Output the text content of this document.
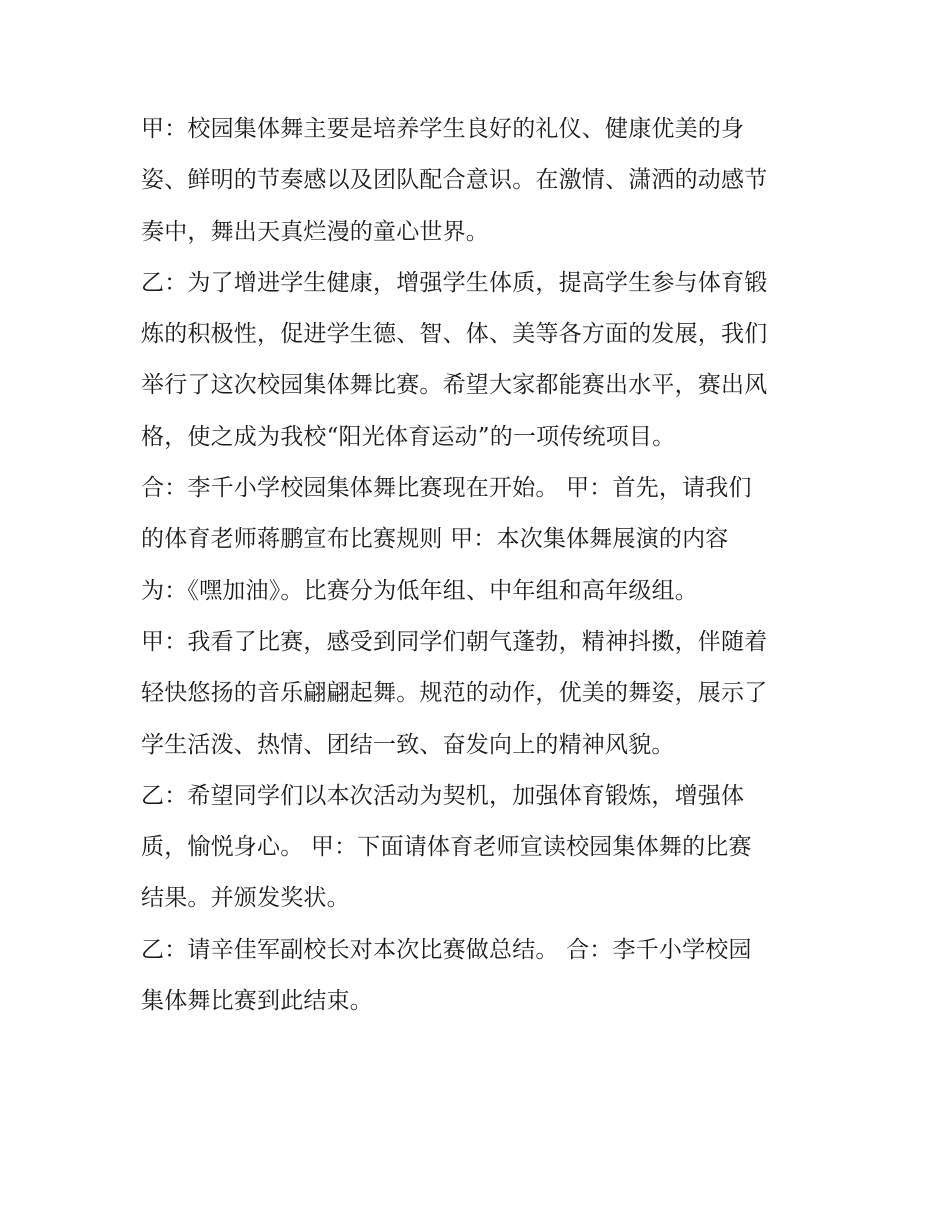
甲：校园集体舞主要是培养学生良好的礼仪、健康优美的身
姿、鲜明的节奏感以及团队配合意识。在激情、潇洒的动感节
奏中，舞出天真烂漫的童心世界。
乙：为了增进学生健康，增强学生体质，提高学生参与体育锻
炼的积极性，促进学生德、智、体、美等各方面的发展，我们
举行了这次校园集体舞比赛。希望大家都能赛出水平，赛出风
格，使之成为我校“阳光体育运动”的一项传统项目。
合：李千小学校园集体舞比赛现在开始。 甲：首先，请我们
的体育老师蒋鹏宣布比赛规则 甲：本次集体舞展演的内容
为：《嘿加油》。比赛分为低年组、中年组和高年级组。
甲：我看了比赛，感受到同学们朝气蓬勃，精神抖擞，伴随着
轻快悠扬的音乐翩翩起舞。规范的动作，优美的舞姿，展示了
学生活泼、热情、团结一致、奋发向上的精神风貌。
乙：希望同学们以本次活动为契机，加强体育锻炼，增强体
质，愉悦身心。 甲：下面请体育老师宣读校园集体舞的比赛
结果。并颁发奖状。
乙：请辛佳军副校长对本次比赛做总结。 合：李千小学校园
集体舞比赛到此结束。
